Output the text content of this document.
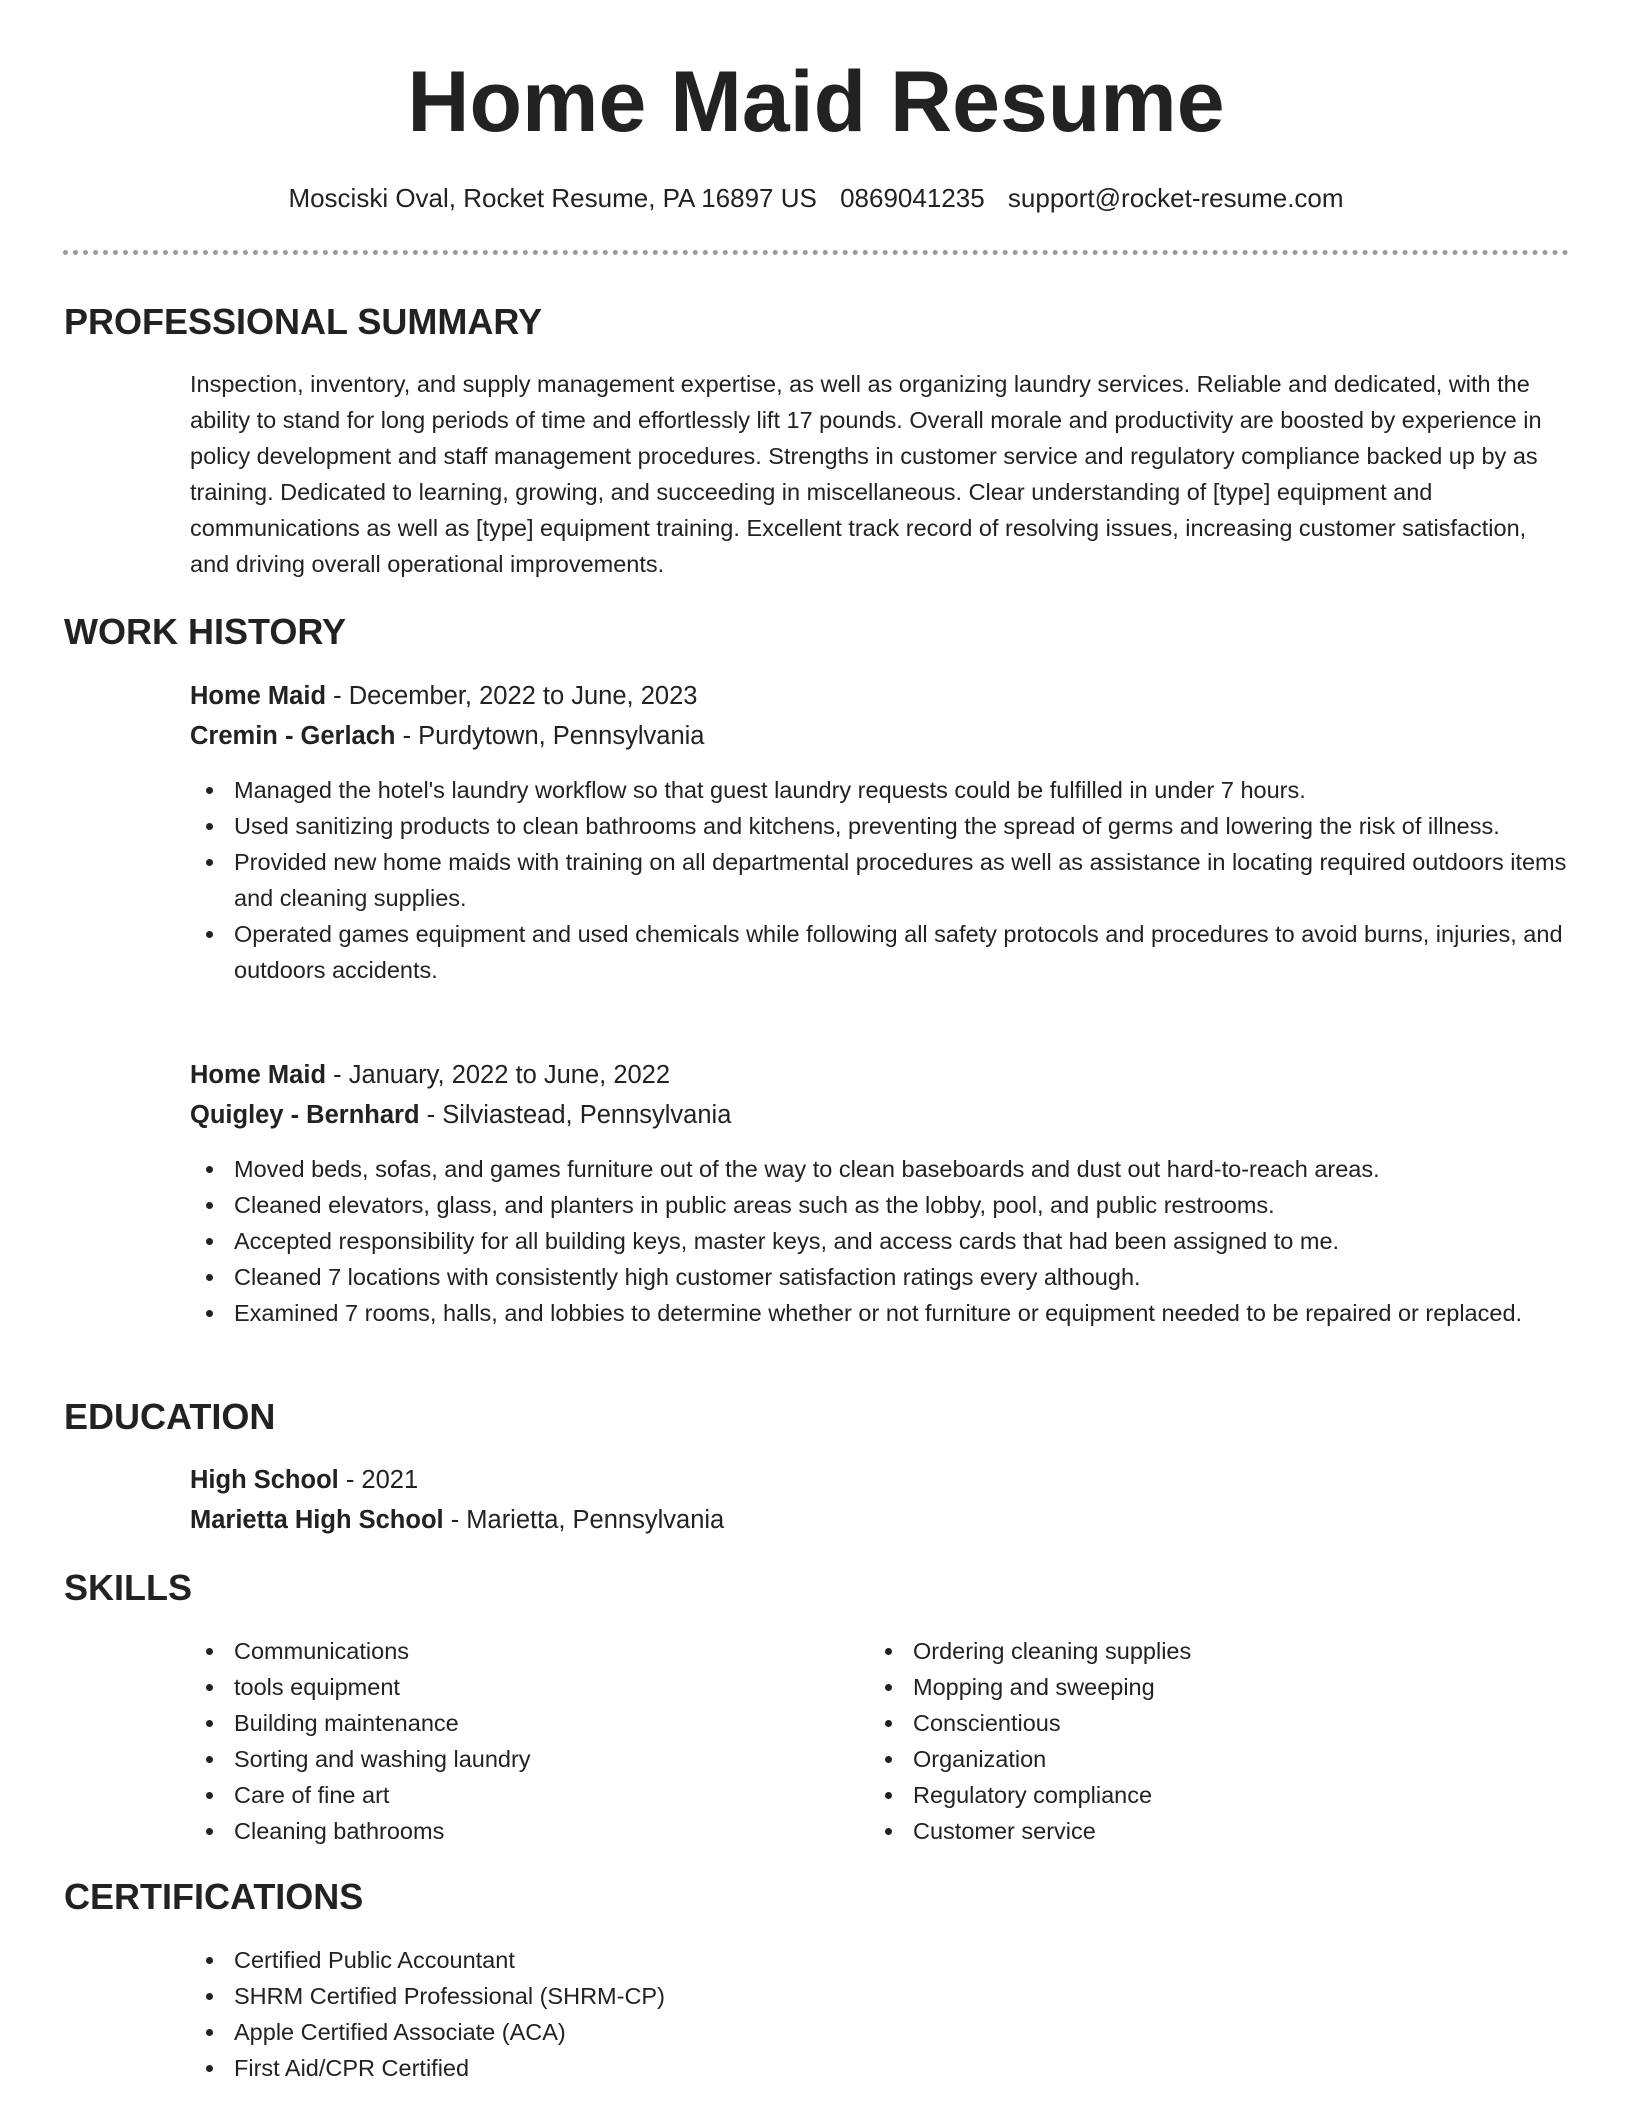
Home Maid Resume
Mosciski Oval, Rocket Resume, PA 16897 US 0869041235 support@rocket-resume.com
PROFESSIONAL SUMMARY

Inspection, inventory, and supply management expertise, as well as organizing laundry services. Reliable and dedicated, with the ability to stand for long periods of time and effortlessly lift 17 pounds. Overall morale and productivity are boosted by experience in policy development and staff management procedures. Strengths in customer service and regulatory compliance backed up by as training. Dedicated to learning, growing, and succeeding in miscellaneous. Clear understanding of [type] equipment and communications as well as [type] equipment training. Excellent track record of resolving issues, increasing customer satisfaction, and driving overall operational improvements.

WORK HISTORY
Home Maid - December, 2022 to June, 2023
Cremin - Gerlach - Purdytown, Pennsylvania
Managed the hotel's laundry workflow so that guest laundry requests could be fulfilled in under 7 hours.
Used sanitizing products to clean bathrooms and kitchens, preventing the spread of germs and lowering the risk of illness.
Provided new home maids with training on all departmental procedures as well as assistance in locating required outdoors items and cleaning supplies.
Operated games equipment and used chemicals while following all safety protocols and procedures to avoid burns, injuries, and outdoors accidents.
Home Maid - January, 2022 to June, 2022
Quigley - Bernhard - Silviastead, Pennsylvania
Moved beds, sofas, and games furniture out of the way to clean baseboards and dust out hard-to-reach areas.
Cleaned elevators, glass, and planters in public areas such as the lobby, pool, and public restrooms.
Accepted responsibility for all building keys, master keys, and access cards that had been assigned to me.
Cleaned 7 locations with consistently high customer satisfaction ratings every although.
Examined 7 rooms, halls, and lobbies to determine whether or not furniture or equipment needed to be repaired or replaced.
EDUCATION
High School - 2021
Marietta High School - Marietta, Pennsylvania
SKILLS
Communications
tools equipment
Building maintenance
Sorting and washing laundry
Care of fine art
Cleaning bathrooms
Ordering cleaning supplies
Mopping and sweeping
Conscientious
Organization
Regulatory compliance
Customer service
CERTIFICATIONS
Certified Public Accountant
SHRM Certified Professional (SHRM-CP)
Apple Certified Associate (ACA)
First Aid/CPR Certified
